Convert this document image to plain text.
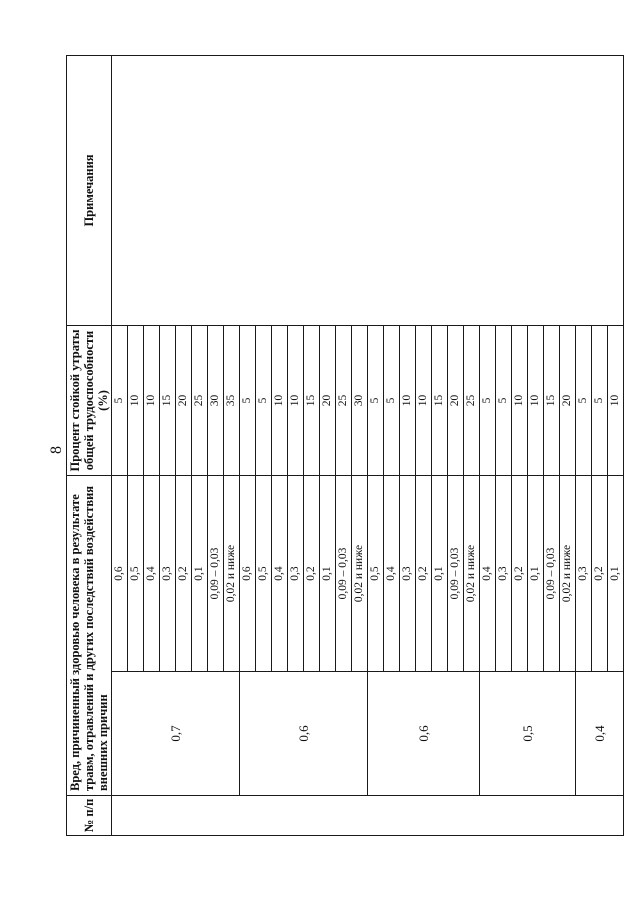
8
№ п/п	Вред, причиненный здоровью человека в результате травм, отравлений и других последствий воздействия внешних причин		Процент стойкой утраты общей трудоспособности (%)	Примечания
	0,7	0,6	5	
		0,5	10	
		0,4	10	
		0,3	15	
		0,2	20	
		0,1	25	
		0,09 – 0,03	30	
		0,02 и ниже	35	
	0,6	0,6	5	
		0,5	5	
		0,4	10	
		0,3	10	
		0,2	15	
		0,1	20	
		0,09 – 0,03	25	
		0,02 и ниже	30	
	0,6	0,5	5	
		0,4	5	
		0,3	10	
		0,2	10	
		0,1	15	
		0,09 – 0,03	20	
		0,02 и ниже	25	
	0,5	0,4	5	
		0,3	5	
		0,2	10	
		0,1	10	
		0,09 – 0,03	15	
		0,02 и ниже	20	
	0,4	0,3	5	
		0,2	5	
		0,1	10	
